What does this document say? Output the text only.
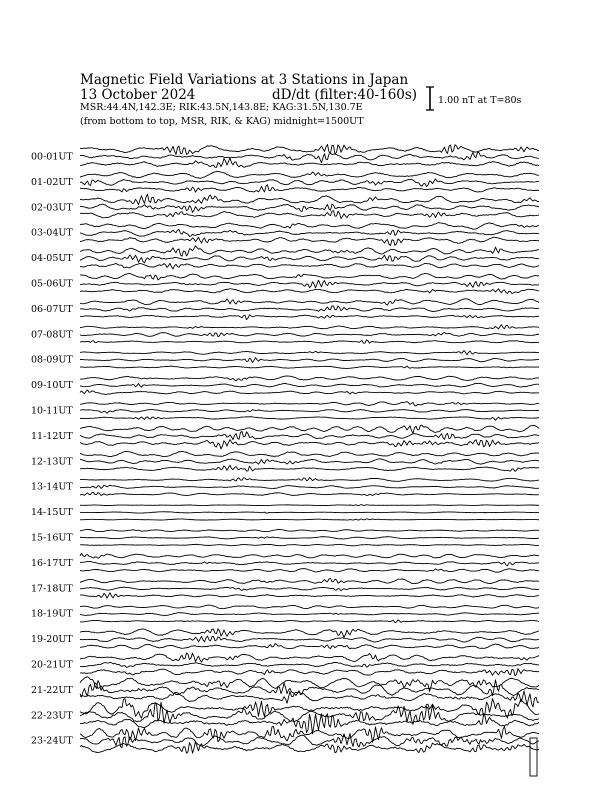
Magnetic Field Variations at 3 Stations in Japan
13 October 2024	dD/dt (filter:40-160s)
MSR:44.4N,142.3E; RIK:43.5N,143.8E; KAG:31.5N,130.7E
(from bottom to top, MSR, RIK, & KAG) midnight=1500UT
1.00 nT at T=80s
00-01UT
01-02UT
02-03UT
03-04UT
04-05UT
05-06UT
06-07UT
07-08UT
08-09UT
09-10UT
10-11UT
11-12UT
12-13UT
13-14UT
14-15UT
15-16UT
16-17UT
17-18UT
18-19UT
19-20UT
20-21UT
21-22UT
22-23UT
23-24UT
